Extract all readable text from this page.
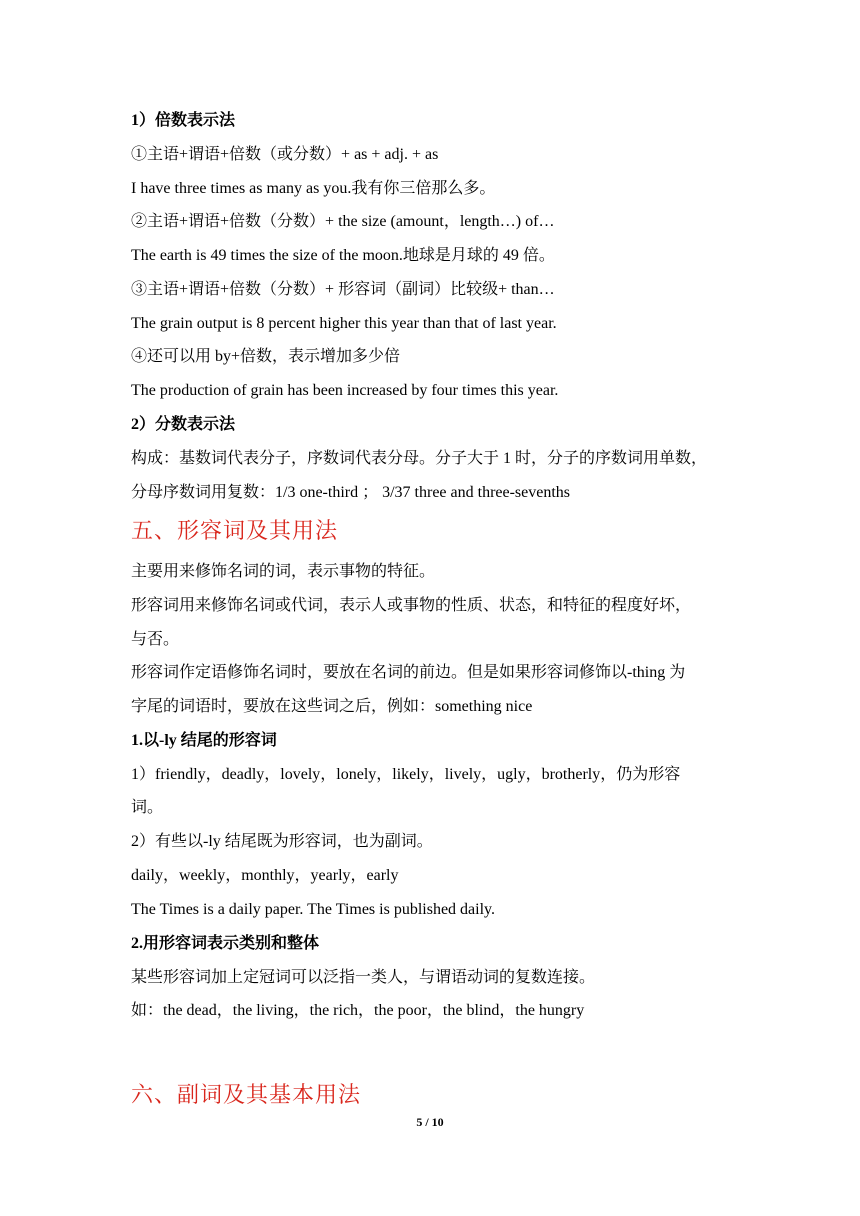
1）倍数表示法
①主语+谓语+倍数（或分数）+ as + adj. + as
I have three times as many as you.我有你三倍那么多。
②主语+谓语+倍数（分数）+ the size (amount，length…) of…
The earth is 49 times the size of the moon.地球是月球的 49 倍。
③主语+谓语+倍数（分数）+ 形容词（副词）比较级+ than…
The grain output is 8 percent higher this year than that of last year.
④还可以用 by+倍数，表示增加多少倍
The production of grain has been increased by four times this year.
2）分数表示法
构成：基数词代表分子，序数词代表分母。分子大于 1 时，分子的序数词用单数，
分母序数词用复数：1/3 one-third ； 3/37 three and three-sevenths
五、形容词及其用法
主要用来修饰名词的词，表示事物的特征。
形容词用来修饰名词或代词，表示人或事物的性质、状态，和特征的程度好坏，
与否。
形容词作定语修饰名词时，要放在名词的前边。但是如果形容词修饰以-thing 为
字尾的词语时，要放在这些词之后，例如：something nice
1.以-ly 结尾的形容词
1）friendly，deadly，lovely，lonely，likely，lively，ugly，brotherly，仍为形容
词。
2）有些以-ly 结尾既为形容词，也为副词。
daily，weekly，monthly，yearly，early
The Times is a daily paper. The Times is published daily.
2.用形容词表示类别和整体
某些形容词加上定冠词可以泛指一类人，与谓语动词的复数连接。
如：the dead，the living，the rich，the poor，the blind，the hungry
六、副词及其基本用法
5 / 10
